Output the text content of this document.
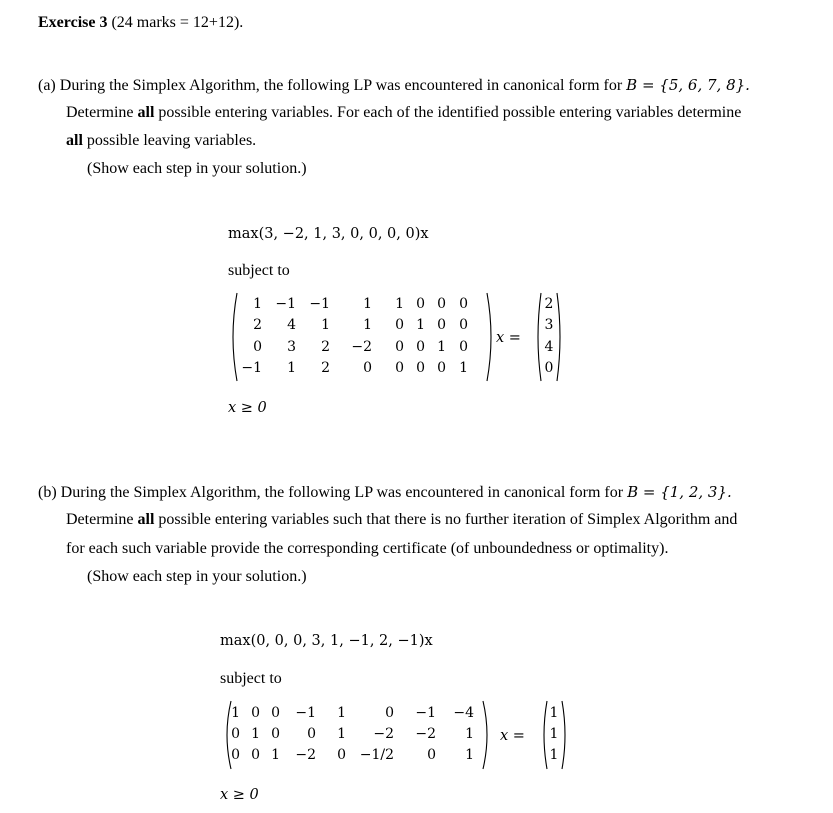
Exercise 3 (24 marks = 12+12).
(a) During the Simplex Algorithm, the following LP was encountered in canonical form for B = {5, 6, 7, 8}.
Determine all possible entering variables. For each of the identified possible entering variables determine
all possible leaving variables.
(Show each step in your solution.)
max(3, −2, 1, 3, 0, 0, 0, 0)x
subject to
1 −1 −1	1	1 0 0 0
2	4	1	1	0 1 0 0
0	3	2	−2	0 0 1 0
−1	1	2	0	0 0 0 1
x =
2
3
4
0
x ≥ 0
(b) During the Simplex Algorithm, the following LP was encountered in canonical form for B = {1, 2, 3}.
Determine all possible entering variables such that there is no further iteration of Simplex Algorithm and
for each such variable provide the corresponding certificate (of unboundedness or optimality).
(Show each step in your solution.)
max(0, 0, 0, 3, 1, −1, 2, −1)x
subject to
1 0 0	−1	1	0	−1	−4
0 1 0	0	1	−2	−2	1
0 0 1	−2	0 −1/2	0	1
x =
1
1
1
x ≥ 0
